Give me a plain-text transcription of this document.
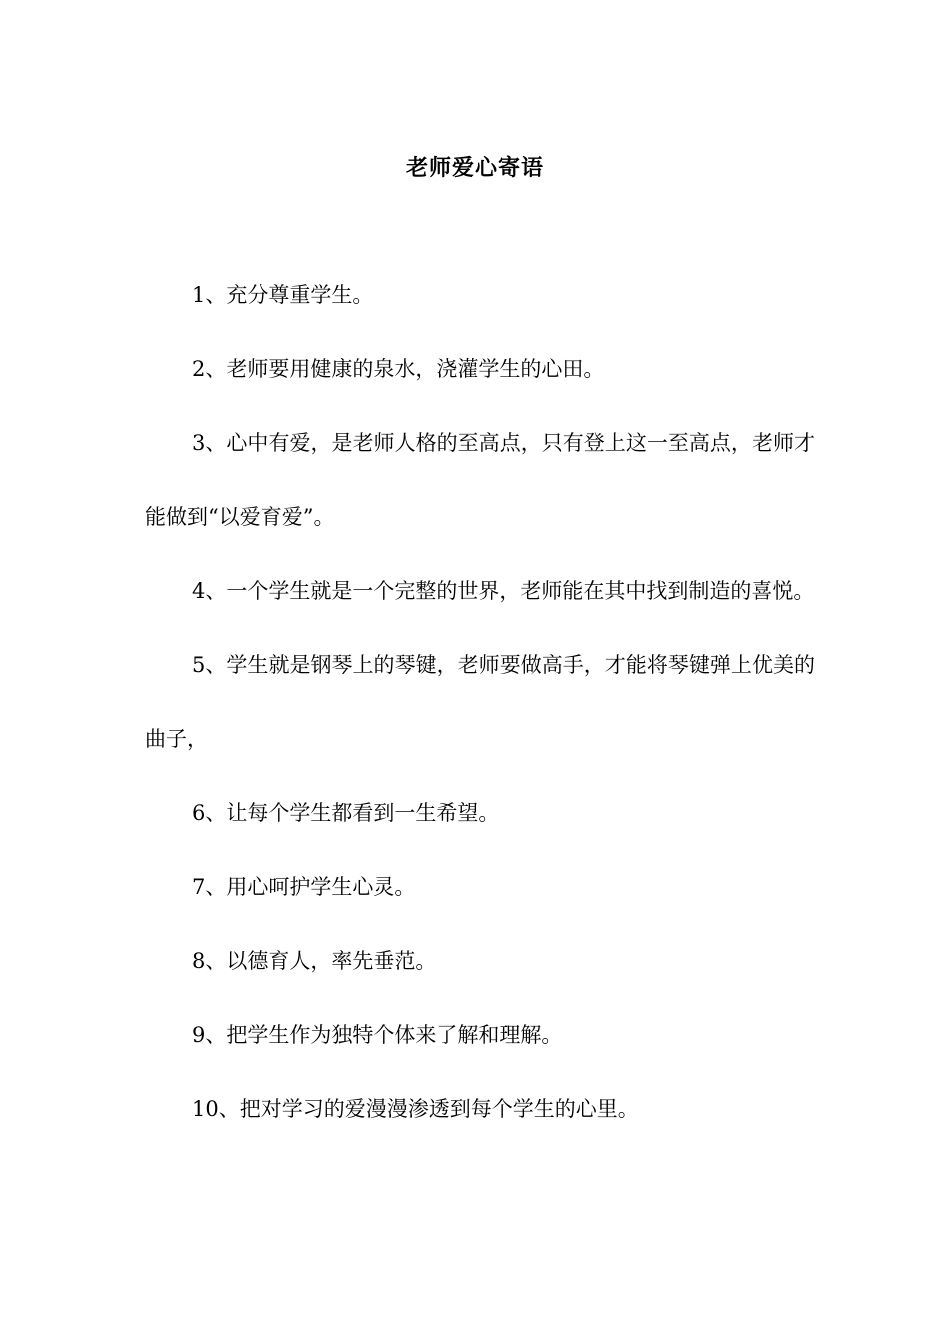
老师爱心寄语

1、充分尊重学生。

2、老师要用健康的泉水，浇灌学生的心田。

3、心中有爱，是老师人格的至高点，只有登上这一至高点，老师才能做到“以爱育爱”。

4、一个学生就是一个完整的世界，老师能在其中找到制造的喜悦。

5、学生就是钢琴上的琴键，老师要做高手，才能将琴键弹上优美的曲子，

6、让每个学生都看到一生希望。

7、用心呵护学生心灵。

8、以德育人，率先垂范。

9、把学生作为独特个体来了解和理解。

10、把对学习的爱漫漫渗透到每个学生的心里。
